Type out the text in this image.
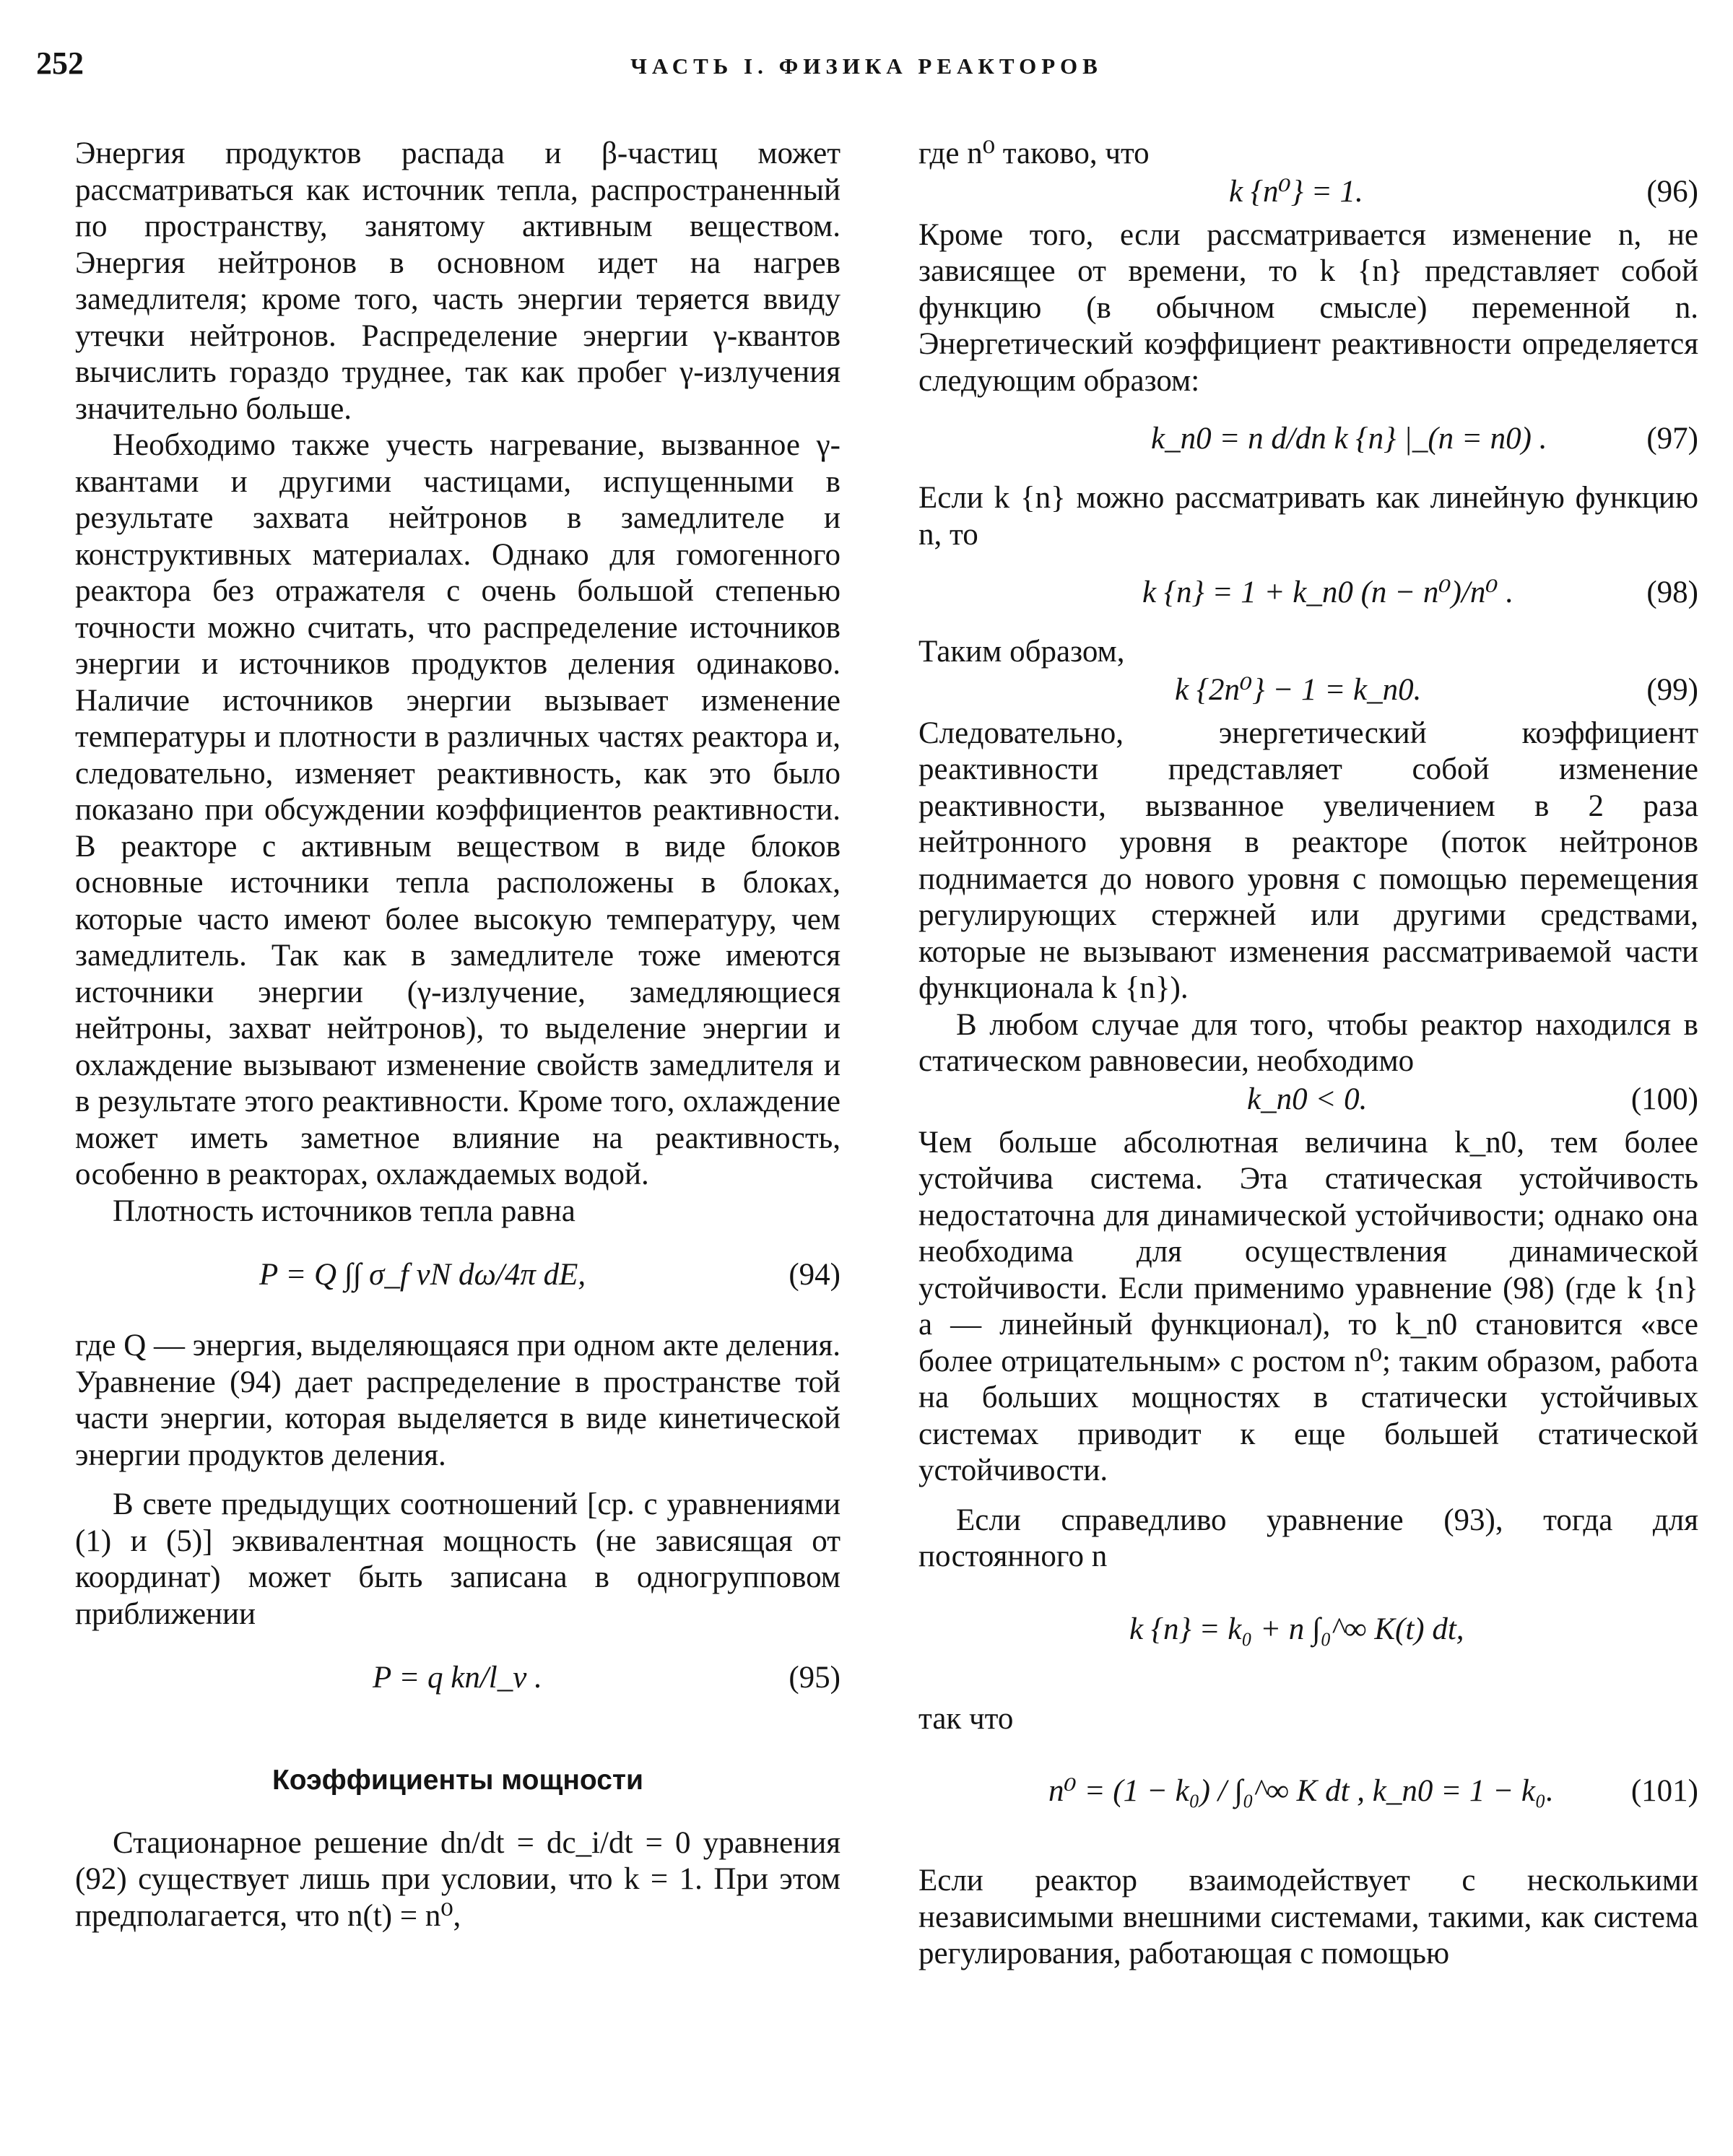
252	ЧАСТЬ I. ФИЗИКА РЕАКТОРОВ

Энергия продуктов распада и β-частиц может рассматриваться как источник тепла, распространенный по пространству, занятому активным веществом. Энергия нейтронов в основном идет на нагрев замедлителя; кроме того, часть энергии теряется ввиду утечки нейтронов. Распределение энергии γ-квантов вычислить гораздо труднее, так как пробег γ-излучения значительно больше.

Необходимо также учесть нагревание, вызванное γ-квантами и другими частицами, испущенными в результате захвата нейтронов в замедлителе и конструктивных материалах. Однако для гомогенного реактора без отражателя с очень большой степенью точности можно считать, что распределение источников энергии и источников продуктов деления одинаково. Наличие источников энергии вызывает изменение температуры и плотности в различных частях реактора и, следовательно, изменяет реактивность, как это было показано при обсуждении коэффициентов реактивности. В реакторе с активным веществом в виде блоков основные источники тепла расположены в блоках, которые часто имеют более высокую температуру, чем замедлитель. Так как в замедлителе тоже имеются источники энергии (γ-излучение, замедляющиеся нейтроны, захват нейтронов), то выделение энергии и охлаждение вызывают изменение свойств замедлителя и в результате этого реактивности. Кроме того, охлаждение может иметь заметное влияние на реактивность, особенно в реакторах, охлаждаемых водой.

Плотность источников тепла равна

P = Q ∫∫ σ_f vN dω/4π dE,	(94)

где Q — энергия, выделяющаяся при одном акте деления. Уравнение (94) дает распределение в пространстве той части энергии, которая выделяется в виде кинетической энергии продуктов деления.

В свете предыдущих соотношений [ср. с уравнениями (1) и (5)] эквивалентная мощность (не зависящая от координат) может быть записана в одногрупповом приближении

P = q kn/l_ν .	(95)
Коэффициенты мощности

Стационарное решение dn/dt = dc_i/dt = 0 уравнения (92) существует лишь при условии, что k = 1. При этом предполагается, что n(t) = n⁰,

где n⁰ таково, что

k {n⁰} = 1.	(96)

Кроме того, если рассматривается изменение n, не зависящее от времени, то k {n} представляет собой функцию (в обычном смысле) переменной n. Энергетический коэффициент реактивности определяется следующим образом:

k_n0 = n d/dn k {n} |_(n = n0) .	(97)

Если k {n} можно рассматривать как линейную функцию n, то

k {n} = 1 + k_n0 (n − n⁰)/n⁰ .	(98)

Таким образом,

k {2n⁰} − 1 = k_n0.	(99)

Следовательно, энергетический коэффициент реактивности представляет собой изменение реактивности, вызванное увеличением в 2 раза нейтронного уровня в реакторе (поток нейтронов поднимается до нового уровня с помощью перемещения регулирующих стержней или другими средствами, которые не вызывают изменения рассматриваемой части функционала k {n}).

В любом случае для того, чтобы реактор находился в статическом равновесии, необходимо

k_n0 < 0.	(100)

Чем больше абсолютная величина k_n0, тем более устойчива система. Эта статическая устойчивость недостаточна для динамической устойчивости; однако она необходима для осуществления динамической устойчивости. Если применимо уравнение (98) (где k {n} a — линейный функционал), то k_n0 становится «все более отрицательным» с ростом n⁰; таким образом, работа на больших мощностях в статически устойчивых системах приводит к еще большей статической устойчивости.

Если справедливо уравнение (93), тогда для постоянного n

k {n} = k₀ + n ∫₀^∞ K(t) dt,

так что

n⁰ = (1 − k₀) / ∫₀^∞ K dt , k_n0 = 1 − k₀. (101)

Если реактор взаимодействует с несколькими независимыми внешними системами, такими, как система регулирования, работающая с помощью
